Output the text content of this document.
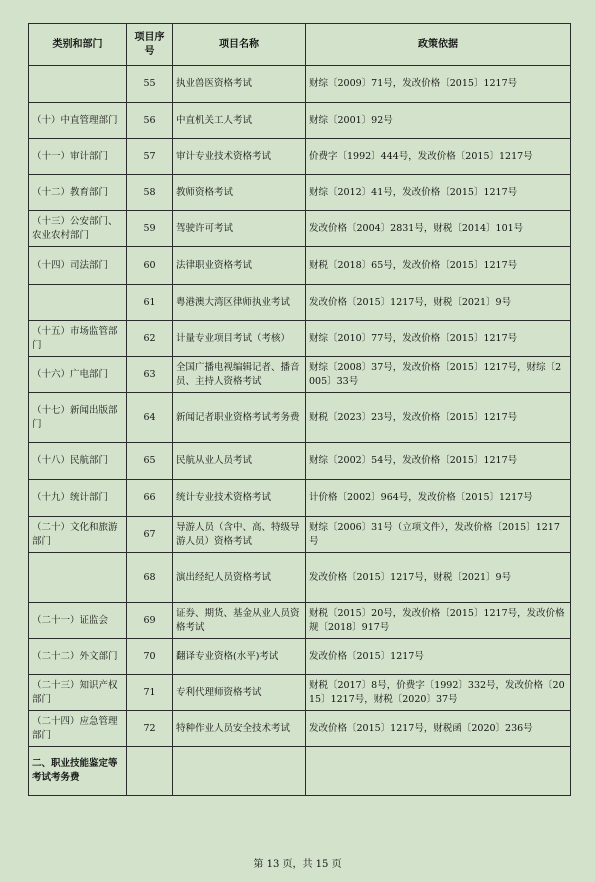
类别和部门	项目序号	项目名称	政策依据
	55	执业兽医资格考试	财综〔2009〕71号，发改价格〔2015〕1217号
（十）中直管理部门	56	中直机关工人考试	财综〔2001〕92号
（十一）审计部门	57	审计专业技术资格考试	价费字〔1992〕444号，发改价格〔2015〕1217号
（十二）教育部门	58	教师资格考试	财综〔2012〕41号，发改价格〔2015〕1217号
（十三）公安部门、农业农村部门	59	驾驶许可考试	发改价格〔2004〕2831号，财税〔2014〕101号
（十四）司法部门	60	法律职业资格考试	财税〔2018〕65号，发改价格〔2015〕1217号
	61	粤港澳大湾区律师执业考试	发改价格〔2015〕1217号，财税〔2021〕9号
（十五）市场监管部门	62	计量专业项目考试（考核）	财综〔2010〕77号，发改价格〔2015〕1217号
（十六）广电部门	63	全国广播电视编辑记者、播音员、主持人资格考试	财综〔2008〕37号，发改价格〔2015〕1217号，财综〔2005〕33号
（十七）新闻出版部门	64	新闻记者职业资格考试考务费	财税〔2023〕23号，发改价格〔2015〕1217号
（十八）民航部门	65	民航从业人员考试	财综〔2002〕54号，发改价格〔2015〕1217号
（十九）统计部门	66	统计专业技术资格考试	计价格〔2002〕964号，发改价格〔2015〕1217号
（二十）文化和旅游部门	67	导游人员（含中、高、特级导游人员）资格考试	财综〔2006〕31号（立项文件），发改价格〔2015〕1217号
	68	演出经纪人员资格考试	发改价格〔2015〕1217号，财税〔2021〕9号
（二十一）证监会	69	证券、期货、基金从业人员资格考试	财税〔2015〕20号，发改价格〔2015〕1217号，发改价格规〔2018〕917号
（二十二）外文部门	70	翻译专业资格(水平)考试	发改价格〔2015〕1217号
（二十三）知识产权部门	71	专利代理师资格考试	财税〔2017〕8号，价费字〔1992〕332号，发改价格〔2015〕1217号，财税〔2020〕37号
（二十四）应急管理部门	72	特种作业人员安全技术考试	发改价格〔2015〕1217号，财税函〔2020〕236号
二、职业技能鉴定等考试考务费			
第 13 页，共 15 页
